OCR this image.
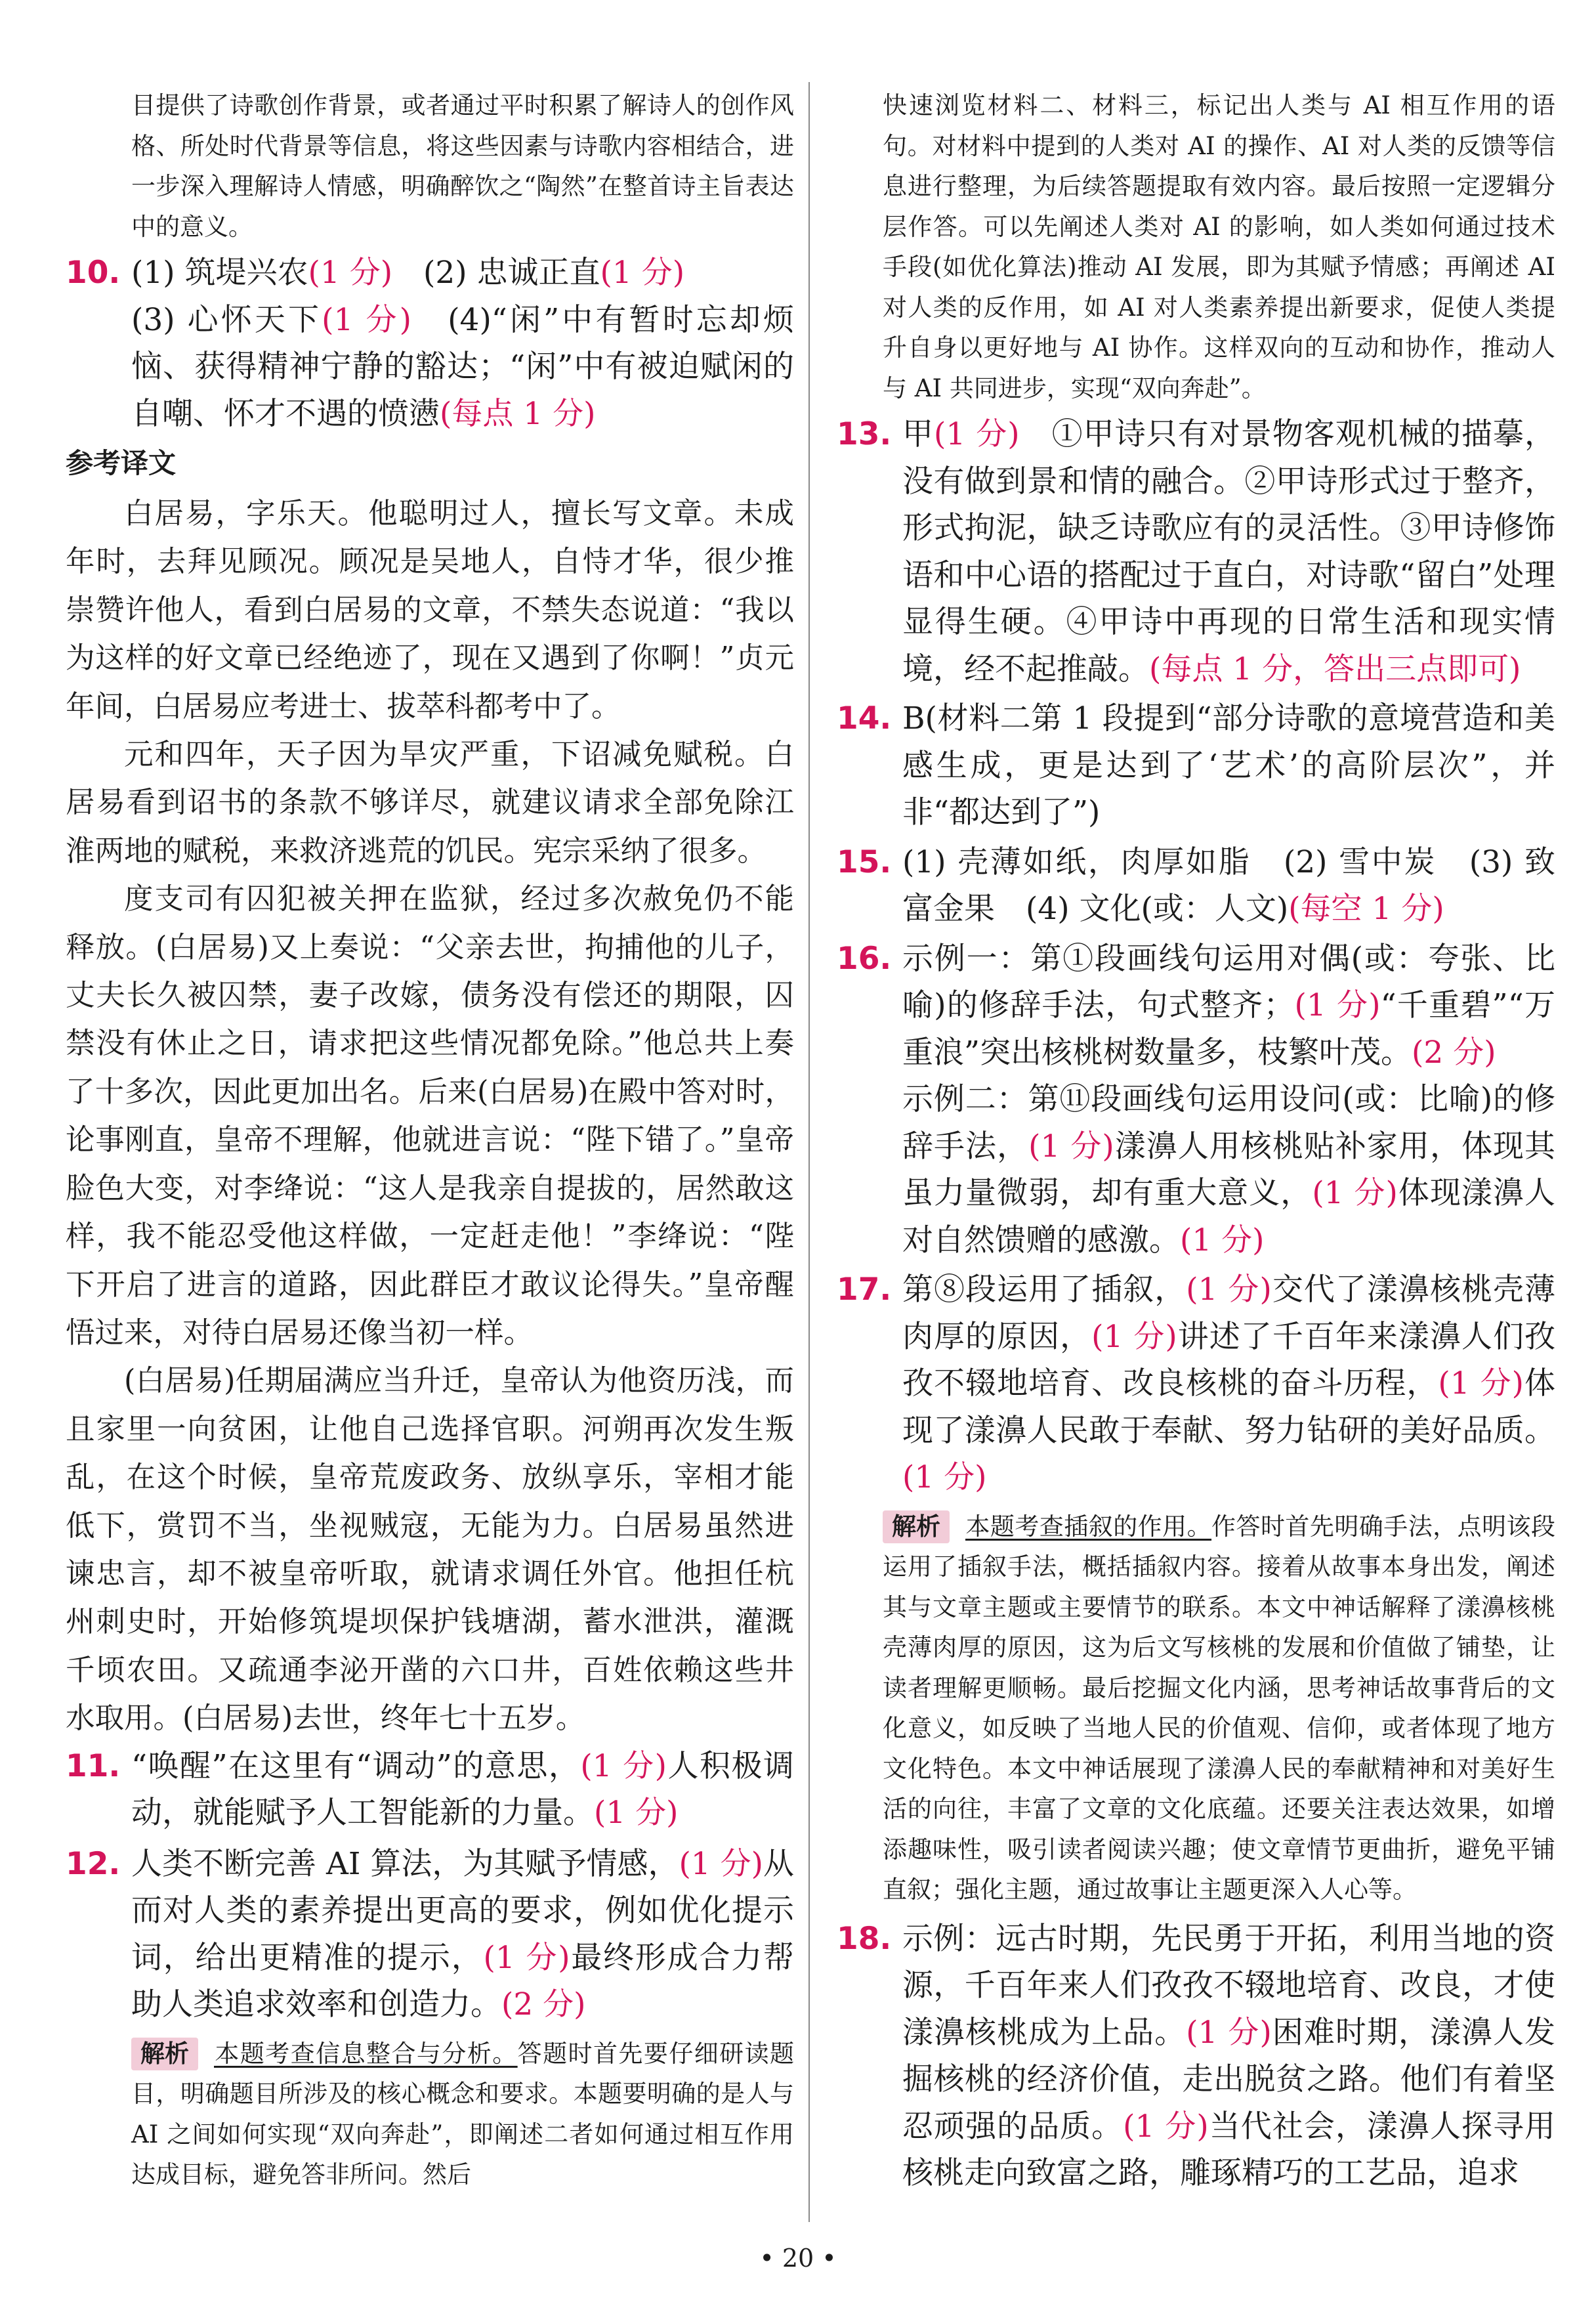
目提供了诗歌创作背景，或者通过平时积累了解诗人的创作风格、所处时代背景等信息，将这些因素与诗歌内容相结合，进一步深入理解诗人情感，明确醉饮之“陶然”在整首诗主旨表达中的意义。

10. (1) 筑堤兴农(1 分)　 (2) 忠诚正直(1 分)
(3) 心怀天下(1 分)　 (4)“闲”中有暂时忘却烦恼、获得精神宁静的豁达；“闲”中有被迫赋闲的自嘲、怀才不遇的愤懑(每点 1 分)
参考译文

白居易，字乐天。他聪明过人，擅长写文章。未成年时，去拜见顾况。顾况是吴地人，自恃才华，很少推崇赞许他人，看到白居易的文章，不禁失态说道：“我以为这样的好文章已经绝迹了，现在又遇到了你啊！”贞元年间，白居易应考进士、拔萃科都考中了。

元和四年，天子因为旱灾严重，下诏减免赋税。白居易看到诏书的条款不够详尽，就建议请求全部免除江淮两地的赋税，来救济逃荒的饥民。宪宗采纳了很多。

度支司有囚犯被关押在监狱，经过多次赦免仍不能释放。(白居易)又上奏说：“父亲去世，拘捕他的儿子，丈夫长久被囚禁，妻子改嫁，债务没有偿还的期限，囚禁没有休止之日，请求把这些情况都免除。”他总共上奏了十多次，因此更加出名。后来(白居易)在殿中答对时，论事刚直，皇帝不理解，他就进言说：“陛下错了。”皇帝脸色大变，对李绛说：“这人是我亲自提拔的，居然敢这样，我不能忍受他这样做，一定赶走他！”李绛说：“陛下开启了进言的道路，因此群臣才敢议论得失。”皇帝醒悟过来，对待白居易还像当初一样。

(白居易)任期届满应当升迁，皇帝认为他资历浅，而且家里一向贫困，让他自己选择官职。河朔再次发生叛乱，在这个时候，皇帝荒废政务、放纵享乐，宰相才能低下，赏罚不当，坐视贼寇，无能为力。白居易虽然进谏忠言，却不被皇帝听取，就请求调任外官。他担任杭州刺史时，开始修筑堤坝保护钱塘湖，蓄水泄洪，灌溉千顷农田。又疏通李泌开凿的六口井，百姓依赖这些井水取用。(白居易)去世，终年七十五岁。

11. “唤醒”在这里有“调动”的意思，(1 分)人积极调动，就能赋予人工智能新的力量。(1 分)
12. 人类不断完善 AI 算法，为其赋予情感，(1 分)从而对人类的素养提出更高的要求，例如优化提示词，给出更精准的提示，(1 分)最终形成合力帮助人类追求效率和创造力。(2 分)
解析 本题考查信息整合与分析。答题时首先要仔细研读题目，明确题目所涉及的核心概念和要求。本题要明确的是人与 AI 之间如何实现“双向奔赴”，即阐述二者如何通过相互作用达成目标，避免答非所问。然后

快速浏览材料二、材料三，标记出人类与 AI 相互作用的语句。对材料中提到的人类对 AI 的操作、AI 对人类的反馈等信息进行整理，为后续答题提取有效内容。最后按照一定逻辑分层作答。可以先阐述人类对 AI 的影响，如人类如何通过技术手段(如优化算法)推动 AI 发展，即为其赋予情感；再阐述 AI 对人类的反作用，如 AI 对人类素养提出新要求，促使人类提升自身以更好地与 AI 协作。这样双向的互动和协作，推动人与 AI 共同进步，实现“双向奔赴”。

13. 甲(1 分)　①甲诗只有对景物客观机械的描摹，没有做到景和情的融合。②甲诗形式过于整齐，形式拘泥，缺乏诗歌应有的灵活性。③甲诗修饰语和中心语的搭配过于直白，对诗歌“留白”处理显得生硬。④甲诗中再现的日常生活和现实情境，经不起推敲。(每点 1 分，答出三点即可)
14. B(材料二第 1 段提到“部分诗歌的意境营造和美感生成，更是达到了‘艺术’的高阶层次”，并非“都达到了”)
15. (1) 壳薄如纸，肉厚如脂　(2) 雪中炭　(3) 致富金果　(4) 文化(或：人文)(每空 1 分)
16. 示例一：第①段画线句运用对偶(或：夸张、比喻)的修辞手法，句式整齐；(1 分)“千重碧”“万重浪”突出核桃树数量多，枝繁叶茂。(2 分)
示例二：第⑪段画线句运用设问(或：比喻)的修辞手法，(1 分)漾濞人用核桃贴补家用，体现其虽力量微弱，却有重大意义，(1 分)体现漾濞人对自然馈赠的感激。(1 分)
17. 第⑧段运用了插叙，(1 分)交代了漾濞核桃壳薄肉厚的原因，(1 分)讲述了千百年来漾濞人们孜孜不辍地培育、改良核桃的奋斗历程，(1 分)体现了漾濞人民敢于奉献、努力钻研的美好品质。(1 分)
解析 本题考查插叙的作用。作答时首先明确手法，点明该段运用了插叙手法，概括插叙内容。接着从故事本身出发，阐述其与文章主题或主要情节的联系。本文中神话解释了漾濞核桃壳薄肉厚的原因，这为后文写核桃的发展和价值做了铺垫，让读者理解更顺畅。最后挖掘文化内涵，思考神话故事背后的文化意义，如反映了当地人民的价值观、信仰，或者体现了地方文化特色。本文中神话展现了漾濞人民的奉献精神和对美好生活的向往，丰富了文章的文化底蕴。还要关注表达效果，如增添趣味性，吸引读者阅读兴趣；使文章情节更曲折，避免平铺直叙；强化主题，通过故事让主题更深入人心等。
18. 示例：远古时期，先民勇于开拓，利用当地的资源，千百年来人们孜孜不辍地培育、改良，才使漾濞核桃成为上品。(1 分)困难时期，漾濞人发掘核桃的经济价值，走出脱贫之路。他们有着坚忍顽强的品质。(1 分)当代社会，漾濞人探寻用核桃走向致富之路，雕琢精巧的工艺品，追求
• 20 •
